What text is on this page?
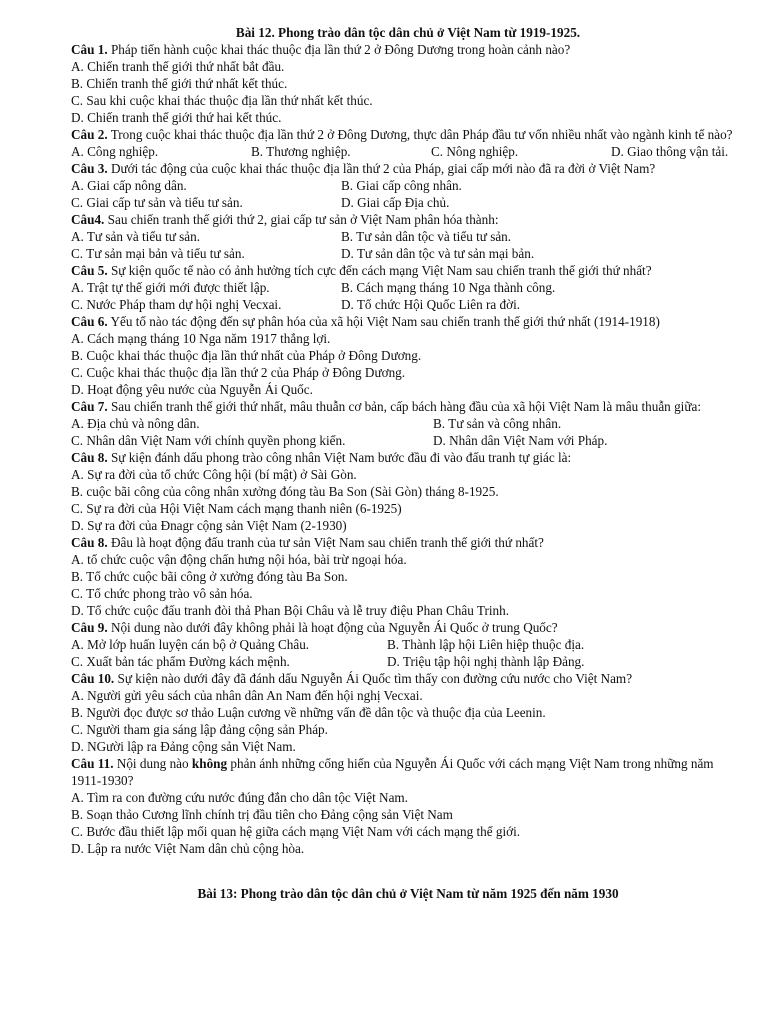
Bài 12. Phong trào dân tộc dân chủ ở Việt Nam từ 1919-1925.

Câu 1. Pháp tiến hành cuộc khai thác thuộc địa lần thứ 2 ở Đông Dương trong hoàn cảnh nào?

A. Chiến tranh thế giới thứ nhất bắt đầu.

B. Chiến tranh thế giới thứ nhất kết thúc.

C. Sau khi cuộc khai thác thuộc địa lần thứ nhất kết thúc.

D. Chiến tranh thế giới thứ hai kết thúc.

Câu 2. Trong cuộc khai thác thuộc địa lần thứ 2 ở Đông Dương, thực dân Pháp đầu tư vốn nhiều nhất vào ngành kinh tế nào?

A. Công nghiệp.	B. Thương nghiệp.	C. Nông nghiệp.	D. Giao thông vận tải.

Câu 3. Dưới tác động của cuộc khai thác thuộc địa lần thứ 2 của Pháp, giai cấp mới nào đã ra đời ở Việt Nam?

A. Giai cấp nông dân.	B. Giai cấp công nhân.
C. Giai cấp tư sản và tiểu tư sản.	D. Giai cấp Địa chủ.

Câu4. Sau chiến tranh thế giới thứ 2, giai cấp tư sản ở Việt Nam phân hóa thành:

A. Tư sản và tiểu tư sản.	B. Tư sản dân tộc và tiểu tư sản.
C. Tư sản mại bản và tiểu tư sản.	D. Tư sản dân tộc và tư sản mại bản.

Câu 5. Sự kiện quốc tế nào có ảnh hưởng tích cực đến cách mạng Việt Nam sau chiến tranh thế giới thứ nhất?

A. Trật tự thế giới mới được thiết lập.	B. Cách mạng tháng 10 Nga thành công.
C. Nước Pháp tham dự hội nghị Vecxai.	D. Tổ chức Hội Quốc Liên ra đời.

Câu 6. Yếu tố nào tác động đến sự phân hóa của xã hội Việt Nam sau chiến tranh thế giới thứ nhất (1914-1918)

A. Cách mạng tháng 10 Nga năm 1917 thắng lợi.

B. Cuộc khai thác thuộc địa lần thứ nhất của Pháp ở Đông Dương.

C. Cuộc khai thác thuộc địa lần thứ 2 của Pháp ở Đông Dương.

D. Hoạt động yêu nước của Nguyễn Ái Quốc.

Câu 7. Sau chiến tranh thế giới thứ nhất, mâu thuẫn cơ bản, cấp bách hàng đầu của xã hội Việt Nam là mâu thuẫn giữa:

A. Địa chủ và nông dân.	B. Tư sản và công nhân.
C. Nhân dân Việt Nam với chính quyền phong kiến.	D. Nhân dân Việt Nam với Pháp.

Câu 8. Sự kiện đánh dấu phong trào công nhân Việt Nam bước đầu đi vào đấu tranh tự giác là:

A. Sự ra đời của tổ chức Công hội (bí mật) ở Sài Gòn.

B. cuộc bãi công của công nhân xưởng đóng tàu Ba Son (Sài Gòn) tháng 8-1925.

C. Sự ra đời của Hội Việt Nam cách mạng thanh niên (6-1925)

D. Sự ra đời của Đnagr cộng sản Việt Nam (2-1930)

Câu 8. Đâu là hoạt động đấu tranh của tư sản Việt Nam sau chiến tranh thế giới thứ nhất?

A. tổ chức cuộc vận động chấn hưng nội hóa, bài trừ ngoại hóa.

B. Tổ chức cuộc bãi công ở xưởng đóng tàu Ba Son.

C. Tổ chức phong trào vô sản hóa.

D. Tổ chức cuộc đấu tranh đòi thả Phan Bội Châu và lễ truy điệu Phan Châu Trinh.

Câu 9. Nội dung nào dưới đây không phải là hoạt động của Nguyễn Ái Quốc ở trung Quốc?

A. Mở lớp huấn luyện cán bộ ở Quảng Châu.	B. Thành lập hội Liên hiệp thuộc địa.
C. Xuất bản tác phẩm Đường kách mệnh.	D. Triệu tập hội nghị thành lập Đảng.

Câu 10. Sự kiện nào dưới đây đã đánh dấu Nguyễn Ái Quốc tìm thấy con đường cứu nước cho Việt Nam?

A. Người gửi yêu sách của nhân dân An Nam đến hội nghị Vecxai.

B. Người đọc được sơ thảo Luận cương về những vấn đề dân tộc và thuộc địa của Leenin.

C. Người tham gia sáng lập đảng cộng sản Pháp.

D. NGười lập ra Đảng cộng sản Việt Nam.

Câu 11. Nội dung nào không phản ánh những cống hiến của Nguyễn Ái Quốc với cách mạng Việt Nam trong những năm 1911-1930?

A. Tìm ra con đường cứu nước đúng đắn cho dân tộc Việt Nam.

B. Soạn thảo Cương lĩnh chính trị đầu tiên cho Đảng cộng sản Việt Nam

C. Bước đầu thiết lập mối quan hệ giữa cách mạng Việt Nam với cách mạng thế giới.

D. Lập ra nước Việt Nam dân chủ cộng hòa.

Bài 13: Phong trào dân tộc dân chủ ở Việt Nam từ năm 1925 đến năm 1930
